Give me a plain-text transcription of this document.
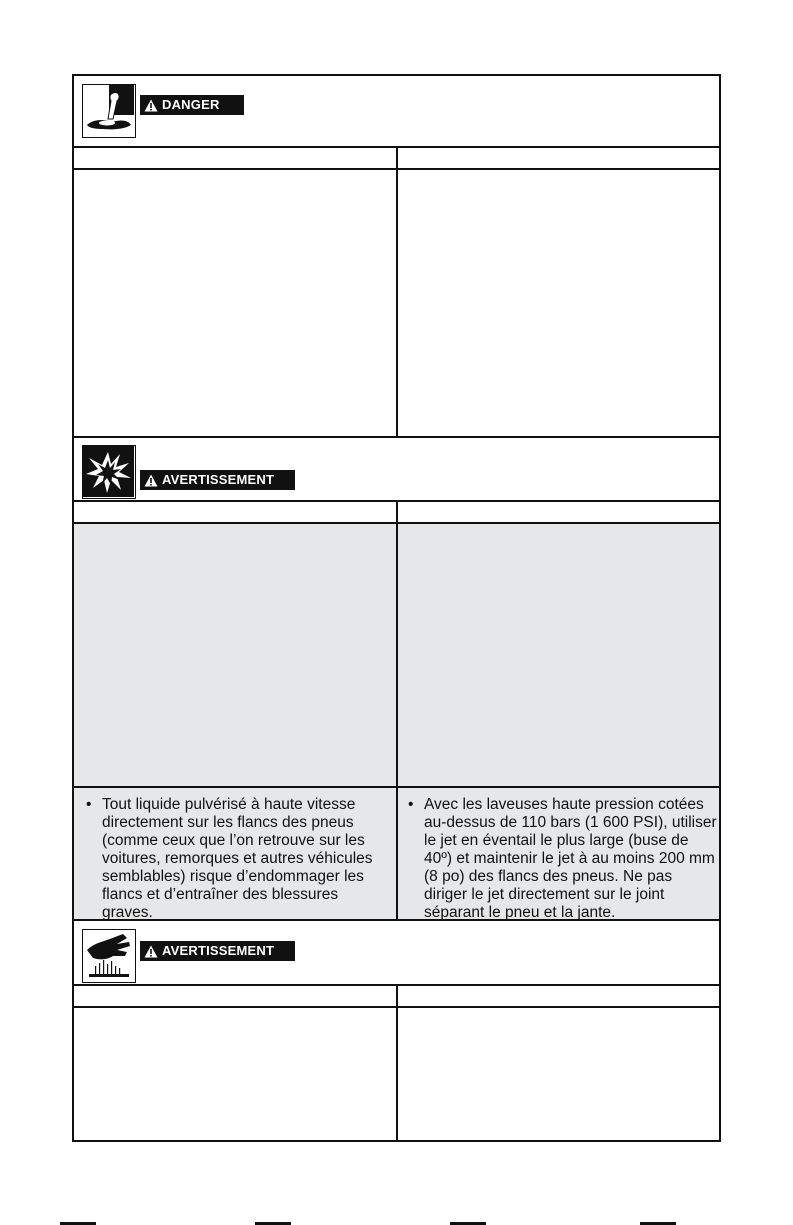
DANGER
AVERTISSEMENT
• Tout liquide pulvérisé à haute vitesse directement sur les flancs des pneus (comme ceux que l’on retrouve sur les voitures, remorques et autres véhicules semblables) risque d’endommager les flancs et d’entraîner des blessures graves.
• Avec les laveuses haute pression cotées au-dessus de 110 bars (1 600 PSI), utiliser le jet en éventail le plus large (buse de 40º) et maintenir le jet à au moins 200 mm (8 po) des flancs des pneus. Ne pas diriger le jet directement sur le joint séparant le pneu et la jante.
AVERTISSEMENT
